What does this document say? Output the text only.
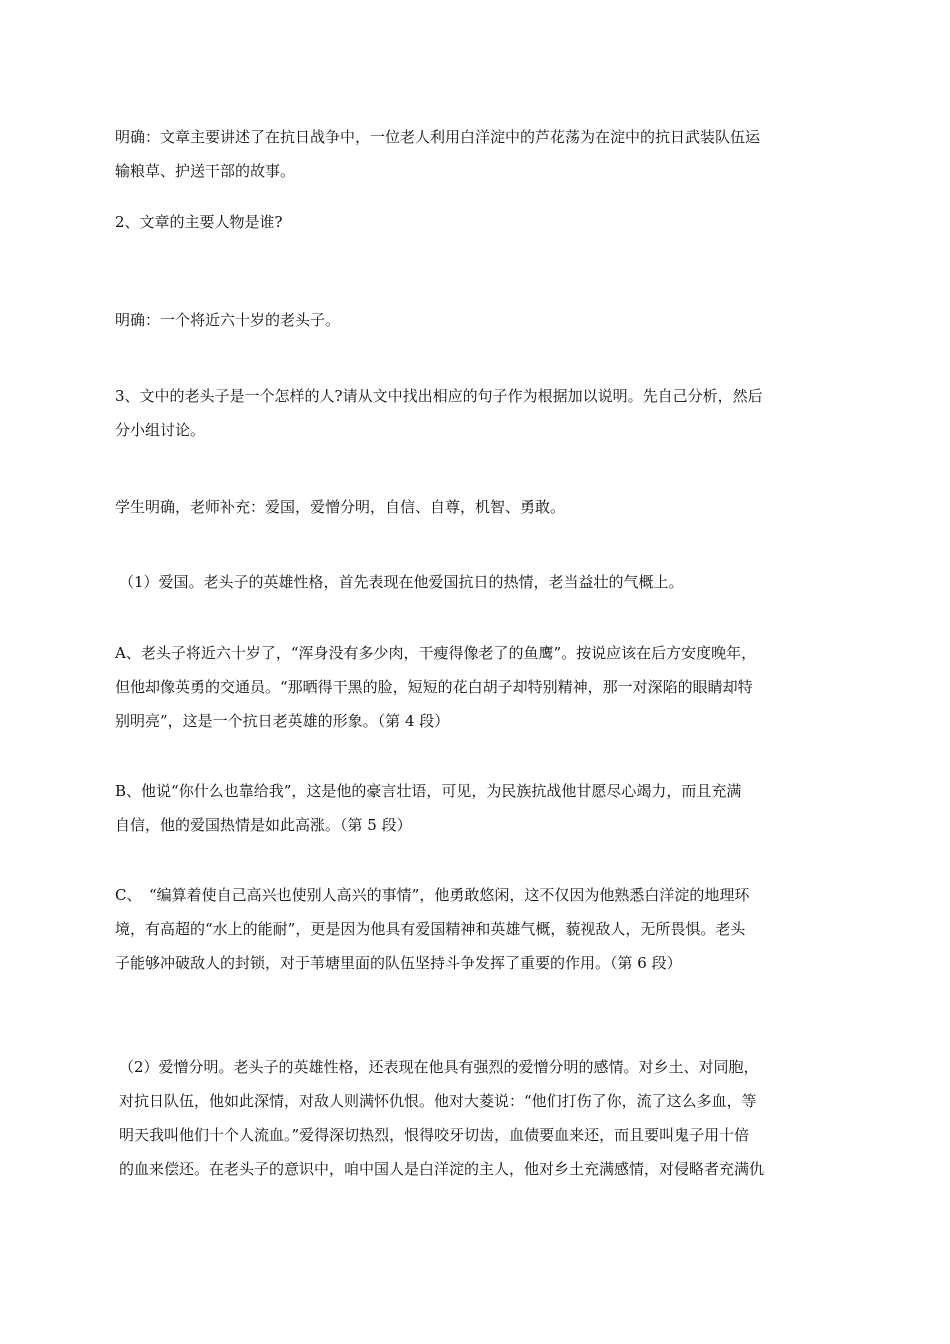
明确：文章主要讲述了在抗日战争中，一位老人利用白洋淀中的芦花荡为在淀中的抗日武装队伍运
输粮草、护送干部的故事。
2、文章的主要人物是谁?
明确：一个将近六十岁的老头子。
3、文中的老头子是一个怎样的人?请从文中找出相应的句子作为根据加以说明。先自己分析，然后
分小组讨论。
学生明确，老师补充：爱国，爱憎分明，自信、自尊，机智、勇敢。
（1）爱国。老头子的英雄性格，首先表现在他爱国抗日的热情，老当益壮的气概上。
A、老头子将近六十岁了，“浑身没有多少肉，干瘦得像老了的鱼鹰”。按说应该在后方安度晚年，
但他却像英勇的交通员。“那晒得干黑的脸，短短的花白胡子却特别精神，那一对深陷的眼睛却特
别明亮”，这是一个抗日老英雄的形象。（第 4 段）
B、他说“你什么也靠给我”，这是他的豪言壮语，可见，为民族抗战他甘愿尽心竭力，而且充满
自信，他的爱国热情是如此高涨。（第 5 段）
C、　“编算着使自己高兴也使别人高兴的事情”，他勇敢悠闲，这不仅因为他熟悉白洋淀的地理环
境，有高超的“水上的能耐”，更是因为他具有爱国精神和英雄气概，藐视敌人，无所畏惧。老头
子能够冲破敌人的封锁，对于苇塘里面的队伍坚持斗争发挥了重要的作用。（第 6 段）
（2）爱憎分明。老头子的英雄性格，还表现在他具有强烈的爱憎分明的感情。对乡土、对同胞，
对抗日队伍，他如此深情，对敌人则满怀仇恨。他对大菱说：“他们打伤了你，流了这么多血，等
明天我叫他们十个人流血。”爱得深切热烈，恨得咬牙切齿，血债要血来还，而且要叫鬼子用十倍
的血来偿还。在老头子的意识中，咱中国人是白洋淀的主人，他对乡土充满感情，对侵略者充满仇
